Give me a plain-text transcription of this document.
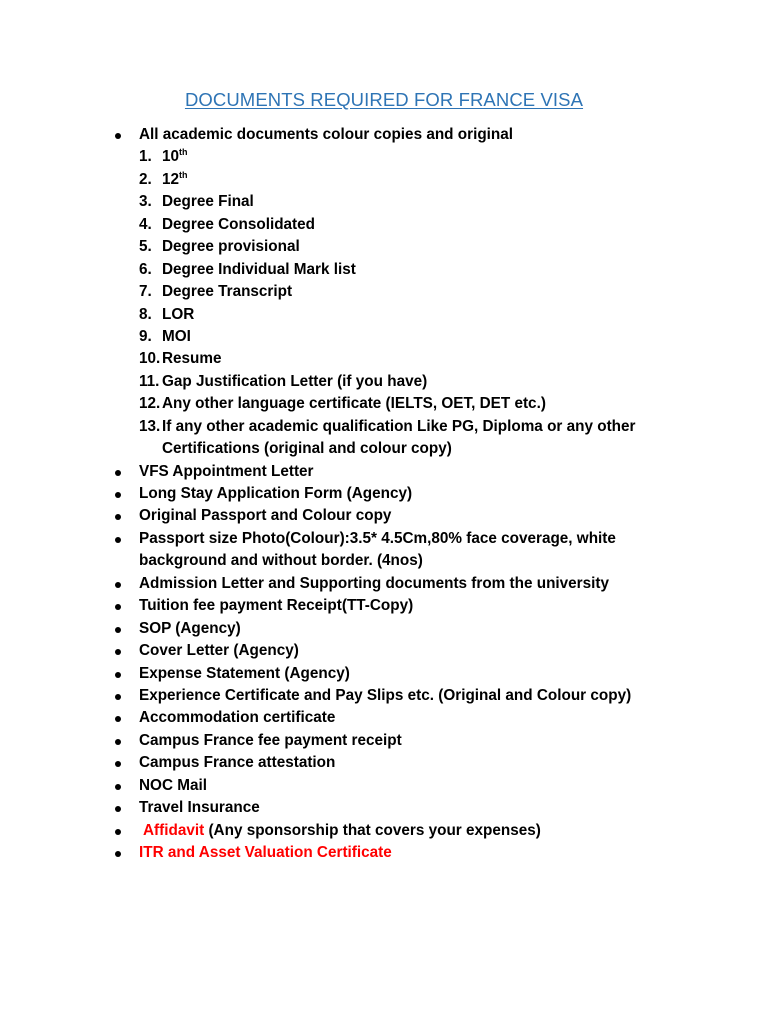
DOCUMENTS REQUIRED FOR FRANCE VISA
All academic documents colour copies and original
1. 10th
2. 12th
3. Degree Final
4. Degree Consolidated
5. Degree provisional
6. Degree Individual Mark list
7. Degree Transcript
8. LOR
9. MOI
10. Resume
11. Gap Justification Letter (if you have)
12. Any other language certificate (IELTS, OET, DET etc.)
13. If any other academic qualification Like PG, Diploma or any other
Certifications (original and colour copy)
VFS Appointment Letter
Long Stay Application Form (Agency)
Original Passport and Colour copy
Passport size Photo(Colour):3.5* 4.5Cm,80% face coverage, white
background and without border. (4nos)
Admission Letter and Supporting documents from the university
Tuition fee payment Receipt(TT-Copy)
SOP (Agency)
Cover Letter (Agency)
Expense Statement (Agency)
Experience Certificate and Pay Slips etc. (Original and Colour copy)
Accommodation certificate
Campus France fee payment receipt
Campus France attestation
NOC Mail
Travel Insurance
Affidavit (Any sponsorship that covers your expenses)
ITR and Asset Valuation Certificate
